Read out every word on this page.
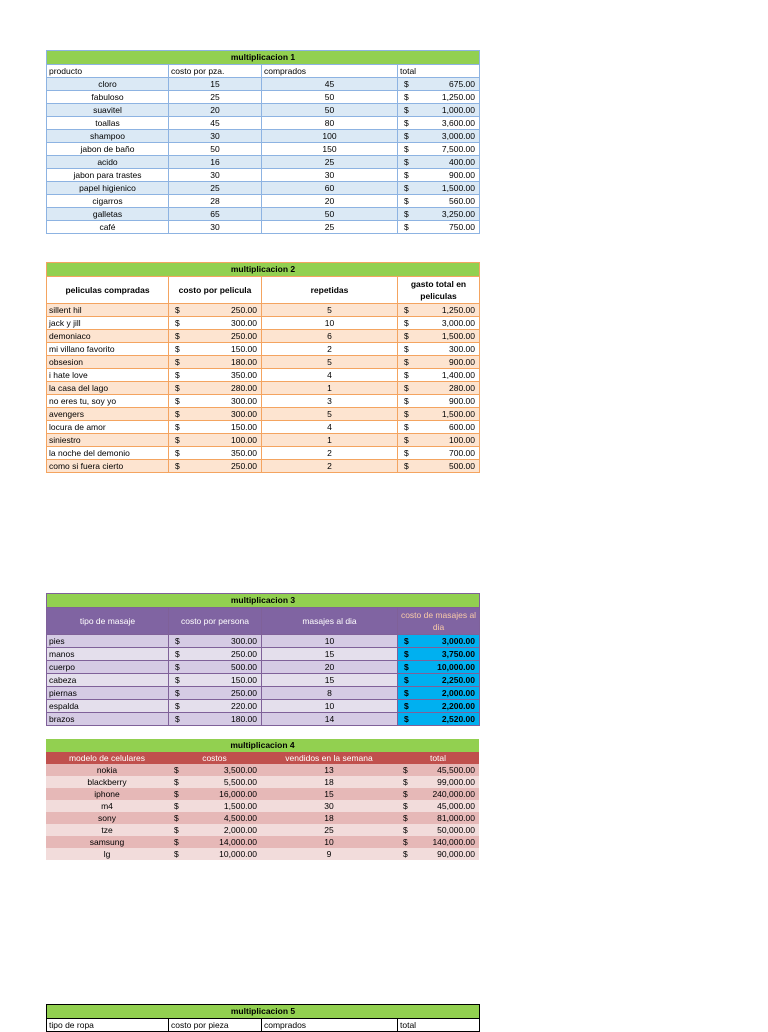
multiplicacion 1			
producto	costo por pza.	comprados	total
cloro	15	45	$ 675.00

fabuloso	25	50	$ 1,250.00

suavitel	20	50	$ 1,000.00

toallas	45	80	$ 3,600.00

shampoo	30	100	$ 3,000.00

jabon de baño	50	150	$ 7,500.00

acido	16	25	$ 400.00

jabon para trastes	30	30	$ 900.00

papel higienico	25	60	$ 1,500.00

cigarros	28	20	$ 560.00

galletas	65	50	$ 3,250.00

café	30	25	$ 750.00
multiplicacion 2			
peliculas compradas	costo por pelicula	repetidas	gasto total en peliculas
sillent hil	$ 250.00	5	$ 1,250.00

jack y jill	$ 300.00	10	$ 3,000.00

demoniaco	$ 250.00	6	$ 1,500.00

mi villano favorito	$ 150.00	2	$ 300.00

obsesion	$ 180.00	5	$ 900.00

i hate love	$ 350.00	4	$ 1,400.00

la casa del lago	$ 280.00	1	$ 280.00

no eres tu, soy yo	$ 300.00	3	$ 900.00

avengers	$ 300.00	5	$ 1,500.00

locura de amor	$ 150.00	4	$ 600.00

siniestro	$ 100.00	1	$ 100.00

la noche del demonio	$ 350.00	2	$ 700.00

como si fuera cierto	$ 250.00	2	$ 500.00
multiplicacion 3			
tipo de masaje	costo por persona	masajes al dia	costo de masajes al dia
pies	$ 300.00	10	$ 3,000.00

manos	$ 250.00	15	$ 3,750.00

cuerpo	$ 500.00	20	$ 10,000.00

cabeza	$ 150.00	15	$ 2,250.00

piernas	$ 250.00	8	$ 2,000.00

espalda	$ 220.00	10	$ 2,200.00

brazos	$ 180.00	14	$ 2,520.00
multiplicacion 4			
modelo de celulares	costos	vendidos en la semana	total
nokia	$ 3,500.00	13	$ 45,500.00

blackberry	$ 5,500.00	18	$ 99,000.00

iphone	$ 16,000.00	15	$ 240,000.00

m4	$ 1,500.00	30	$ 45,000.00

sony	$ 4,500.00	18	$ 81,000.00

tze	$ 2,000.00	25	$ 50,000.00

samsung	$ 14,000.00	10	$ 140,000.00

lg	$ 10,000.00	9	$ 90,000.00
multiplicacion 5
tipo de ropa	costo por pieza	comprados	total
